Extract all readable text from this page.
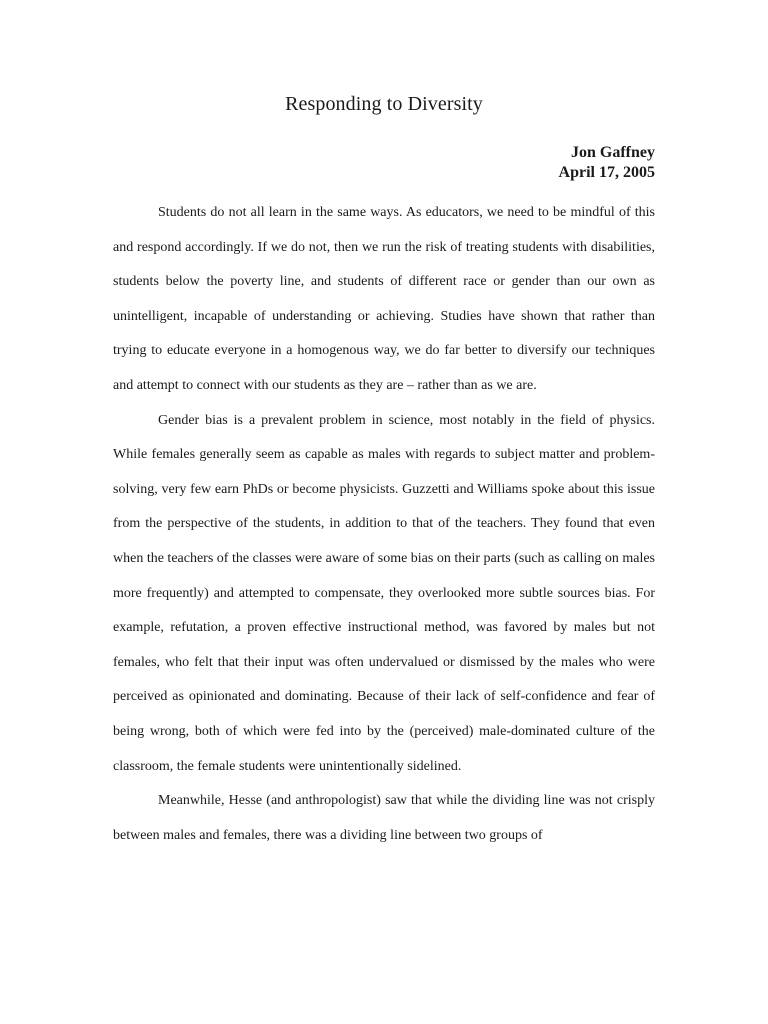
Responding to Diversity
Jon Gaffney
April 17, 2005

Students do not all learn in the same ways. As educators, we need to be mindful of this and respond accordingly. If we do not, then we run the risk of treating students with disabilities, students below the poverty line, and students of different race or gender than our own as unintelligent, incapable of understanding or achieving. Studies have shown that rather than trying to educate everyone in a homogenous way, we do far better to diversify our techniques and attempt to connect with our students as they are – rather than as we are.

Gender bias is a prevalent problem in science, most notably in the field of physics. While females generally seem as capable as males with regards to subject matter and problem-solving, very few earn PhDs or become physicists. Guzzetti and Williams spoke about this issue from the perspective of the students, in addition to that of the teachers. They found that even when the teachers of the classes were aware of some bias on their parts (such as calling on males more frequently) and attempted to compensate, they overlooked more subtle sources bias. For example, refutation, a proven effective instructional method, was favored by males but not females, who felt that their input was often undervalued or dismissed by the males who were perceived as opinionated and dominating. Because of their lack of self-confidence and fear of being wrong, both of which were fed into by the (perceived) male-dominated culture of the classroom, the female students were unintentionally sidelined.

Meanwhile, Hesse (and anthropologist) saw that while the dividing line was not crisply between males and females, there was a dividing line between two groups of
